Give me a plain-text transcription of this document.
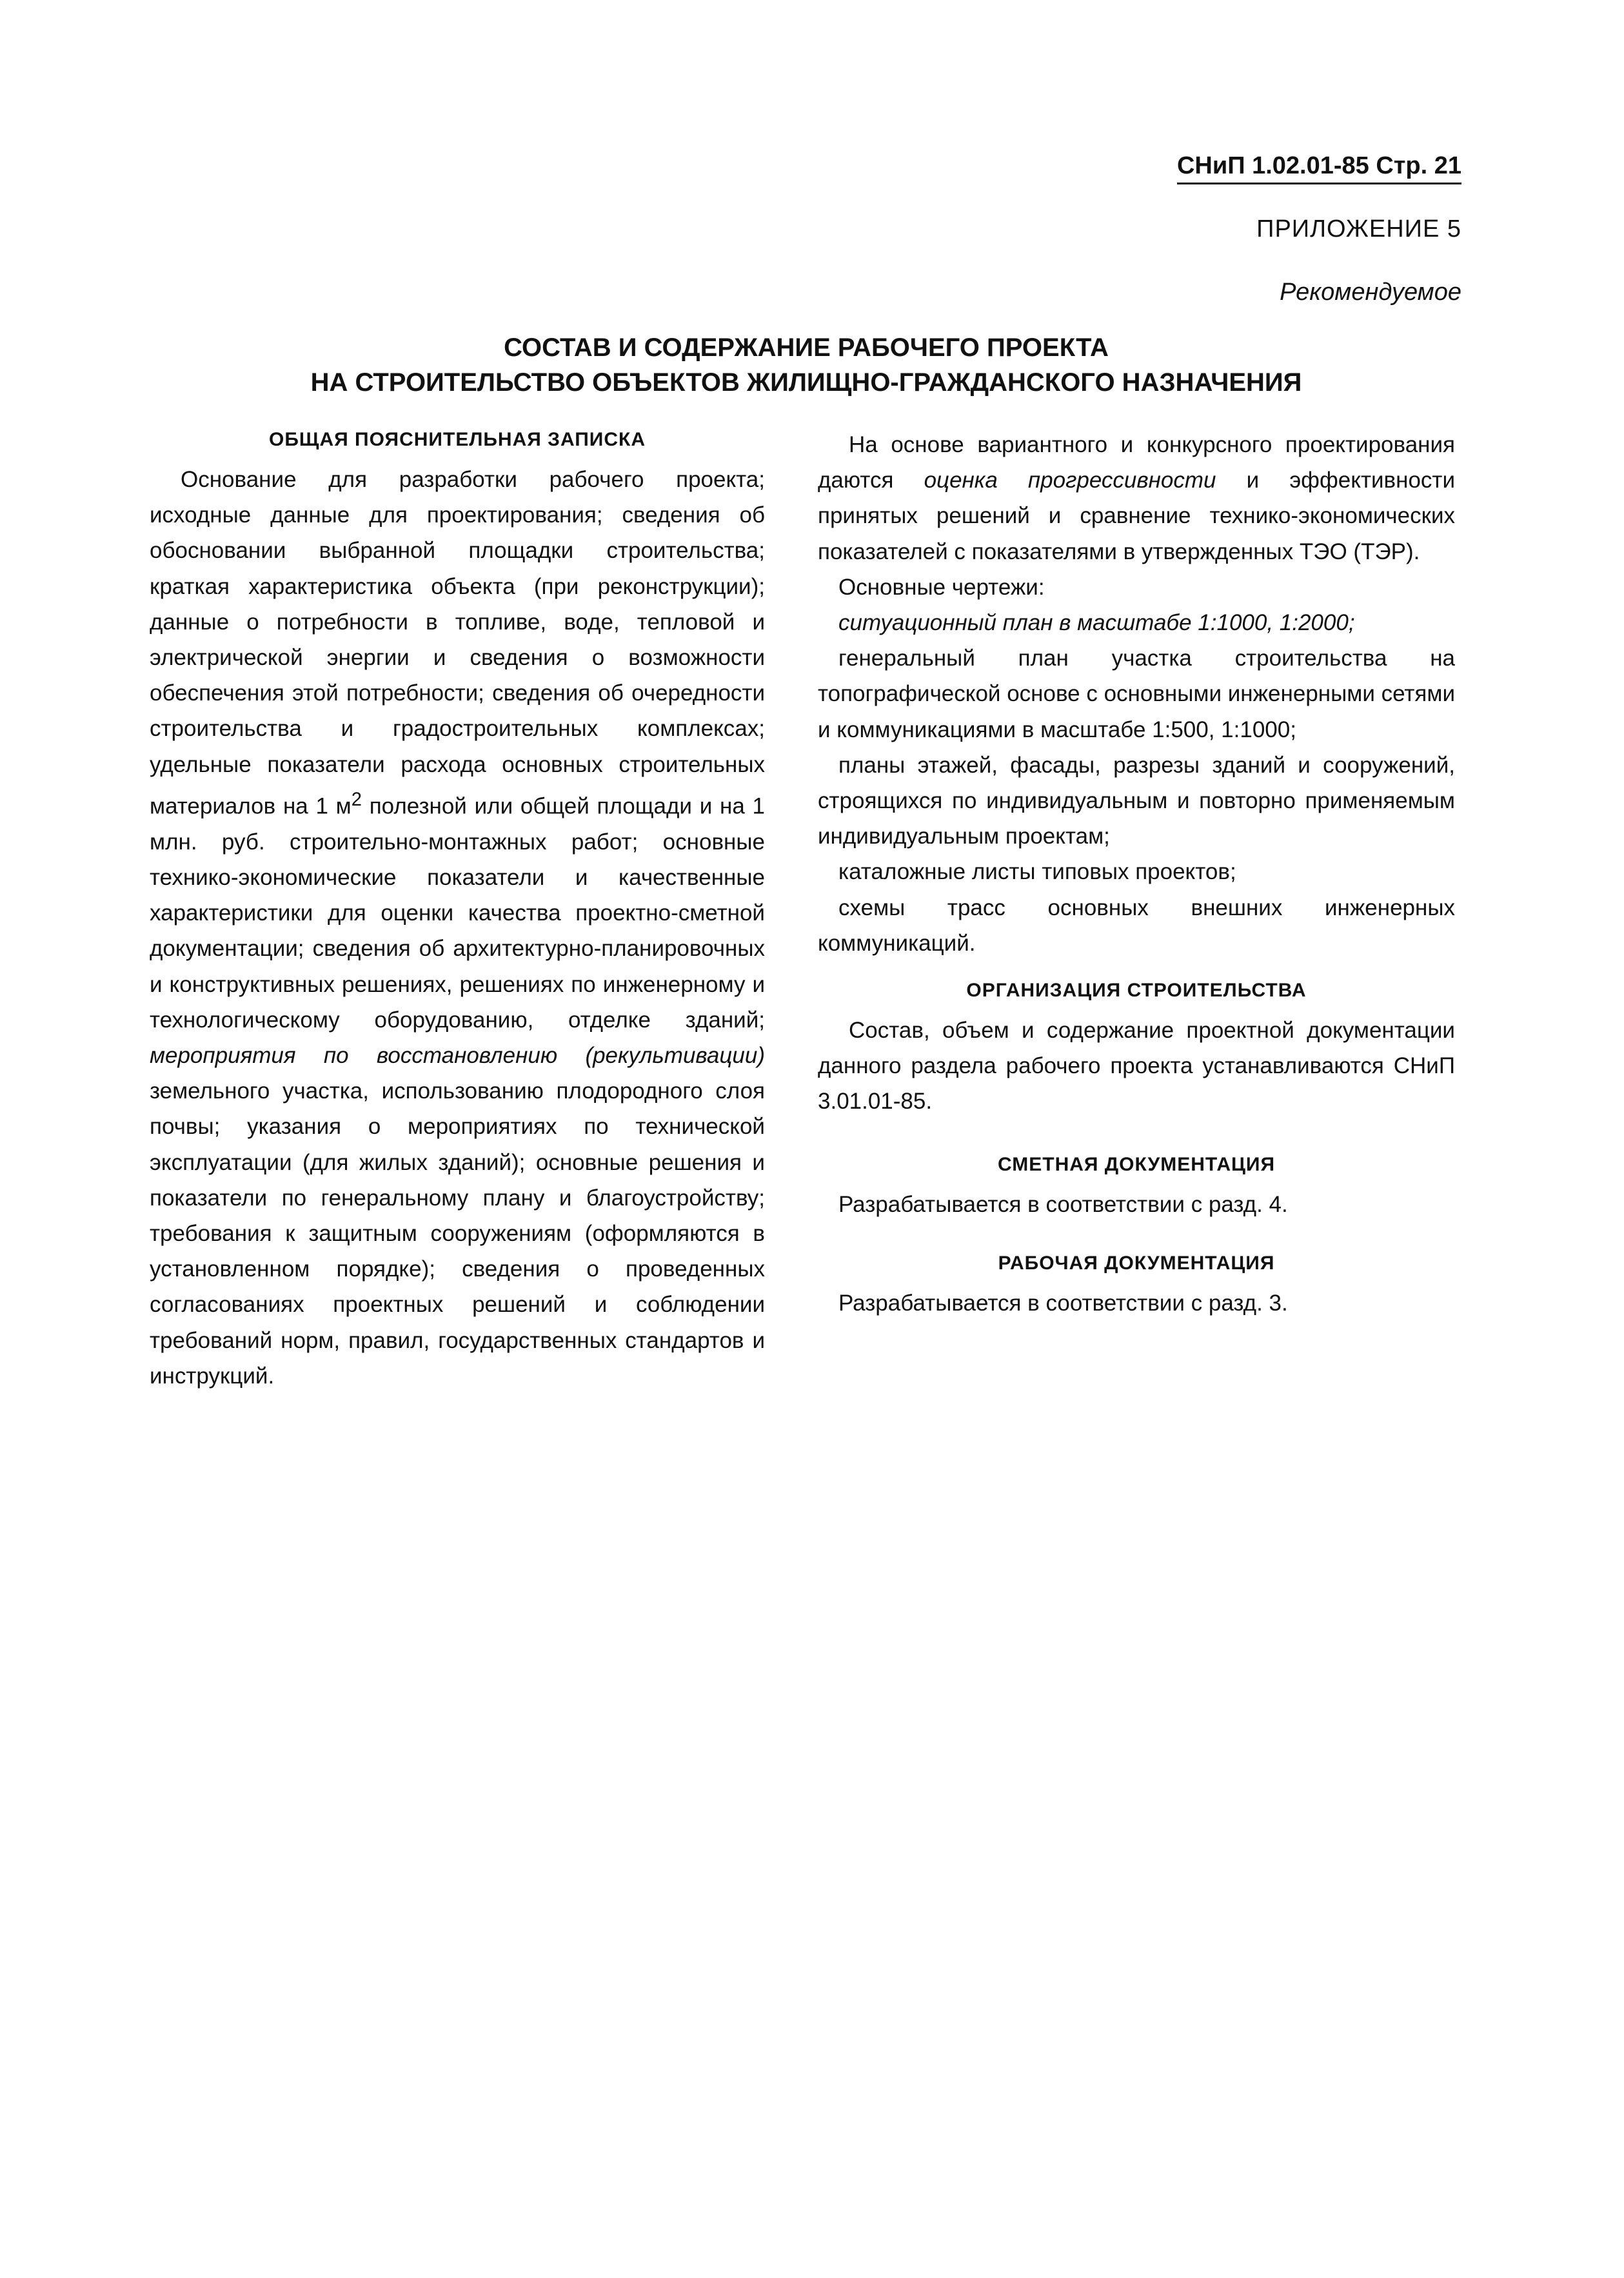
СНиП 1.02.01-85 Стр. 21
ПРИЛОЖЕНИЕ 5
Рекомендуемое
СОСТАВ И СОДЕРЖАНИЕ РАБОЧЕГО ПРОЕКТА
НА СТРОИТЕЛЬСТВО ОБЪЕКТОВ ЖИЛИЩНО-ГРАЖДАНСКОГО НАЗНАЧЕНИЯ
ОБЩАЯ ПОЯСНИТЕЛЬНАЯ ЗАПИСКА

Основание для разработки рабочего проекта; исходные данные для проектирования; сведения об обосновании выбранной площадки строительства; краткая характеристика объекта (при реконструкции); данные о потребности в топливе, воде, тепловой и электрической энергии и сведения о возможности обеспечения этой потребности; сведения об очередности строительства и градостроительных комплексах; удельные показатели расхода основных строительных материалов на 1 $м^2$ полезной или общей площади и на 1 млн. руб. строительно-монтажных работ; основные технико-экономические показатели и качественные характеристики для оценки качества проектно-сметной документации; сведения об архитектурно-планировочных и конструктивных решениях, решениях по инженерному и технологическому оборудованию, отделке зданий; мероприятия по восстановлению (рекультивации) земельного участка, использованию плодородного слоя почвы; указания о мероприятиях по технической эксплуатации (для жилых зданий); основные решения и показатели по генеральному плану и благоустройству; требования к защитным сооружениям (оформляются в установленном порядке); сведения о проведенных согласованиях проектных решений и соблюдении требований норм, правил, государственных стандартов и инструкций.

На основе вариантного и конкурсного проектирования даются оценка прогрессивности и эффективности принятых решений и сравнение технико-экономических показателей с показателями в утвержденных ТЭО (ТЭР).

Основные чертежи:

ситуационный план в масштабе 1:1000, 1:2000;

генеральный план участка строительства на топографической основе с основными инженерными сетями и коммуникациями в масштабе 1:500, 1:1000;

планы этажей, фасады, разрезы зданий и сооружений, строящихся по индивидуальным и повторно применяемым индивидуальным проектам;

каталожные листы типовых проектов;

схемы трасс основных внешних инженерных коммуникаций.

ОРГАНИЗАЦИЯ СТРОИТЕЛЬСТВА

Состав, объем и содержание проектной документации данного раздела рабочего проекта устанавливаются СНиП 3.01.01-85.

СМЕТНАЯ ДОКУМЕНТАЦИЯ

Разрабатывается в соответствии с разд. 4.

РАБОЧАЯ ДОКУМЕНТАЦИЯ

Разрабатывается в соответствии с разд. 3.
